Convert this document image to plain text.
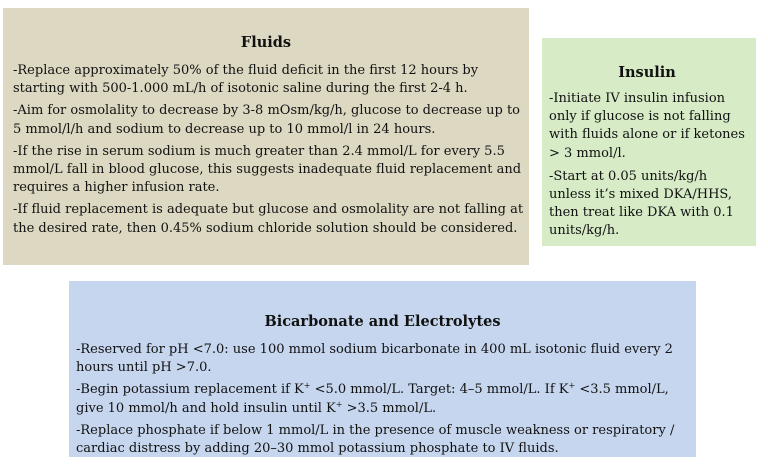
Fluids
-Replace approximately 50% of the fluid deficit in the first 12 hours by starting with 500-1.000 mL/h of isotonic saline during the first 2-4 h.
-Aim for osmolality to decrease by 3-8 mOsm/kg/h, glucose to decrease up to 5 mmol/l/h and sodium to decrease up to 10 mmol/l in 24 hours.
-If the rise in serum sodium is much greater than 2.4 mmol/L for every 5.5 mmol/L fall in blood glucose, this suggests inadequate fluid replacement and requires a higher infusion rate.
-If fluid replacement is adequate but glucose and osmolality are not falling at the desired rate, then 0.45% sodium chloride solution should be considered.
Insulin
-Initiate IV insulin infusion only if glucose is not falling with fluids alone or if ketones > 3 mmol/l.
-Start at 0.05 units/kg/h unless it’s mixed DKA/HHS, then treat like DKA with 0.1 units/kg/h.
Bicarbonate and Electrolytes
-Reserved for pH <7.0: use 100 mmol sodium bicarbonate in 400 mL isotonic fluid every 2 hours until pH >7.0.
-Begin potassium replacement if K+ <5.0 mmol/L. Target: 4–5 mmol/L. If K+ <3.5 mmol/L, give 10 mmol/h and hold insulin until K+ >3.5 mmol/L.
-Replace phosphate if below 1 mmol/L in the presence of muscle weakness or respiratory / cardiac distress by adding 20–30 mmol potassium phosphate to IV fluids.
